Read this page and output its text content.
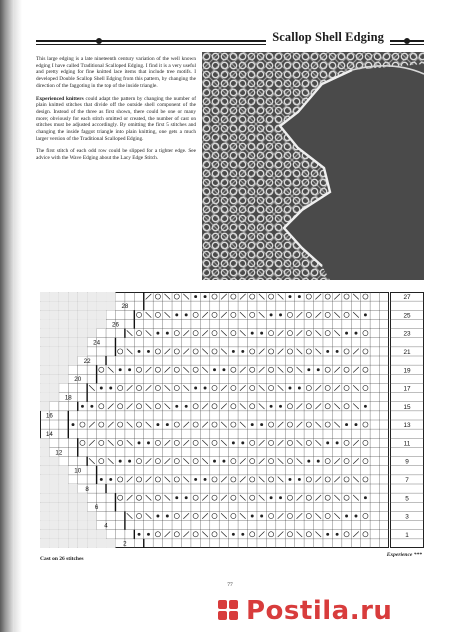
Scallop Shell Edging

This large edging is a late nineteenth century variation of the well known edging I have called Traditional Scalloped Edging. I find it is a very useful and pretty edging for fine knitted lace items that include tree motifs. I developed Double Scallop Shell Edging from this pattern, by changing the direction of the faggoting in the top of the inside triangle.

Experienced knitters could adapt the pattern by changing the number of plain knitted stitches that divide off the outside shell component of the design. Instead of the three as first shown, there could be one or many more; obviously for each stitch omitted or created, the number of cast on stitches must be adjusted accordingly. By omitting the first 5 stitches and changing the inside faggot triangle into plain knitting, one gets a much larger version of the Traditional Scalloped Edging.

The first stitch of each odd row could be slipped for a tighter edge. See advice with the Wave Edging about the Lacy Edge Stitch.

28
26
24
22
20
18
16
14
12
10
8
6
4
2
27
25
23
21
19
17
15
13
11
9
7
5
3
1
Cast on 26 stitches
Experience ***
77
Postila.ru
